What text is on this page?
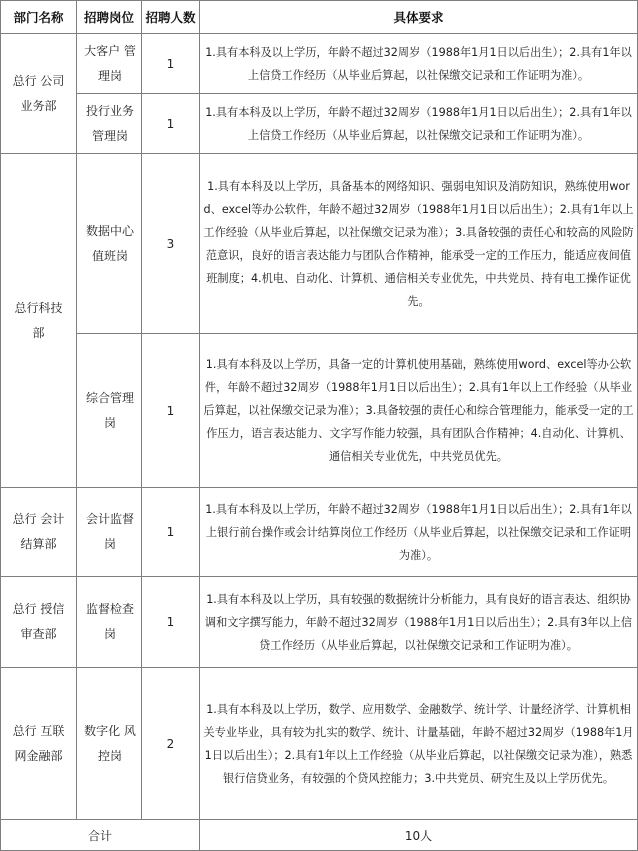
部门名称	招聘岗位	招聘人数	具体要求
总行 公司业务部	大客户 管理岗	1	1.具有本科及以上学历，年龄不超过32周岁（1988年1月1日以后出生）；2.具有1年以上信贷工作经历（从毕业后算起，以社保缴交记录和工作证明为准）。
	投行业务管理岗	1	1.具有本科及以上学历，年龄不超过32周岁（1988年1月1日以后出生）；2.具有1年以上信贷工作经历（从毕业后算起，以社保缴交记录和工作证明为准）。
总行科技部	数据中心值班岗	3	1.具有本科及以上学历，具备基本的网络知识、强弱电知识及消防知识，熟练使用word、excel等办公软件，年龄不超过32周岁（1988年1月1日以后出生）；2.具有1年以上工作经验（从毕业后算起，以社保缴交记录为准）；3.具备较强的责任心和较高的风险防范意识，良好的语言表达能力与团队合作精神，能承受一定的工作压力，能适应夜间值班制度；4.机电、自动化、计算机、通信相关专业优先，中共党员、持有电工操作证优先。
	综合管理岗	1	1.具有本科及以上学历，具备一定的计算机使用基础，熟练使用word、excel等办公软件，年龄不超过32周岁（1988年1月1日以后出生）；2.具有1年以上工作经验（从毕业后算起，以社保缴交记录为准）；3.具备较强的责任心和综合管理能力，能承受一定的工作压力，语言表达能力、文字写作能力较强，具有团队合作精神；4.自动化、计算机、通信相关专业优先，中共党员优先。
总行 会计结算部	会计监督岗	1	1.具有本科及以上学历，年龄不超过32周岁（1988年1月1日以后出生）；2.具有1年以上银行前台操作或会计结算岗位工作经历（从毕业后算起，以社保缴交记录和工作证明为准）。
总行 授信审查部	监督检查岗	1	1.具有本科及以上学历，具有较强的数据统计分析能力，具有良好的语言表达、组织协调和文字撰写能力，年龄不超过32周岁（1988年1月1日以后出生）；2.具有3年以上信贷工作经历（从毕业后算起，以社保缴交记录和工作证明为准）。
总行 互联网金融部	数字化 风控岗	2	1.具有本科及以上学历，数学、应用数学、金融数学、统计学、计量经济学、计算机相关专业毕业，具有较为扎实的数学、统计、计量基础，年龄不超过32周岁（1988年1月1日以后出生）；2.具有1年以上工作经验（从毕业后算起，以社保缴交记录为准），熟悉银行信贷业务，有较强的个贷风控能力；3.中共党员、研究生及以上学历优先。
合计			10人
